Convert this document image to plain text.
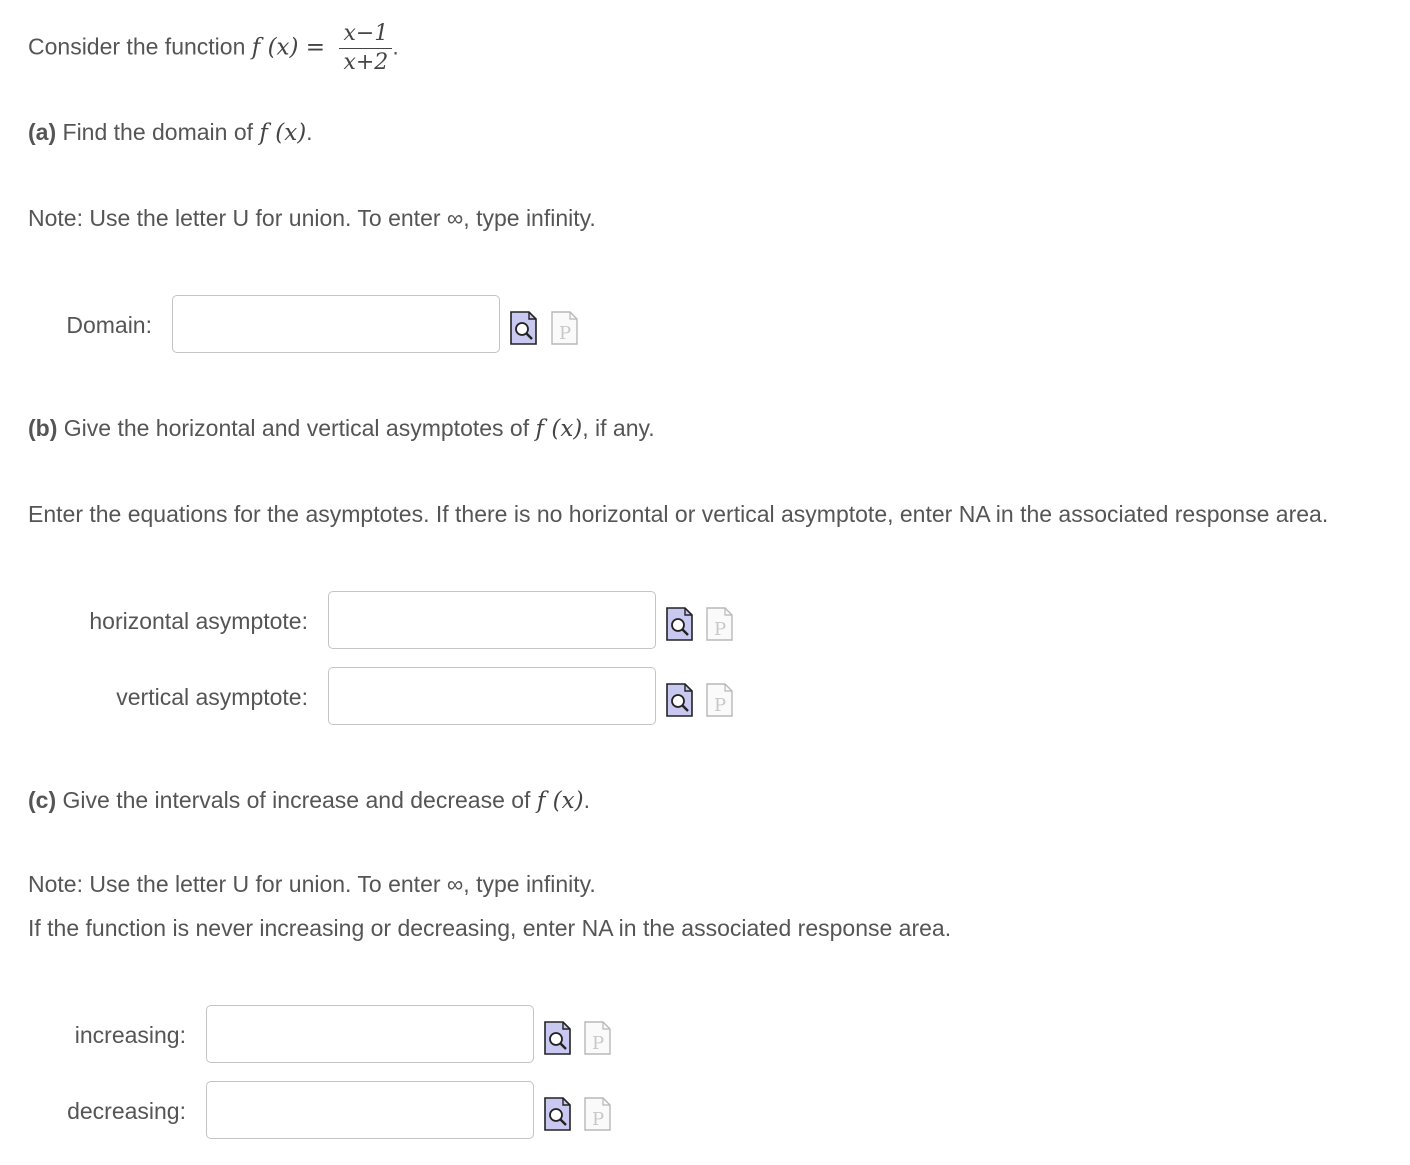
Consider the function f $(x) = \frac{x-1}{x+2}$ .
(a) Find the domain of f (x).
Note: Use the letter U for union. To enter ∞, type infinity.
Domain:	P
(b) Give the horizontal and vertical asymptotes of f (x), if any.
Enter the equations for the asymptotes. If there is no horizontal or vertical asymptote, enter NA in the associated response area.
horizontal asymptote:	P
vertical asymptote:	P
(c) Give the intervals of increase and decrease of f (x).
Note: Use the letter U for union. To enter ∞, type infinity.
If the function is never increasing or decreasing, enter NA in the associated response area.
increasing:	P
decreasing:	P
